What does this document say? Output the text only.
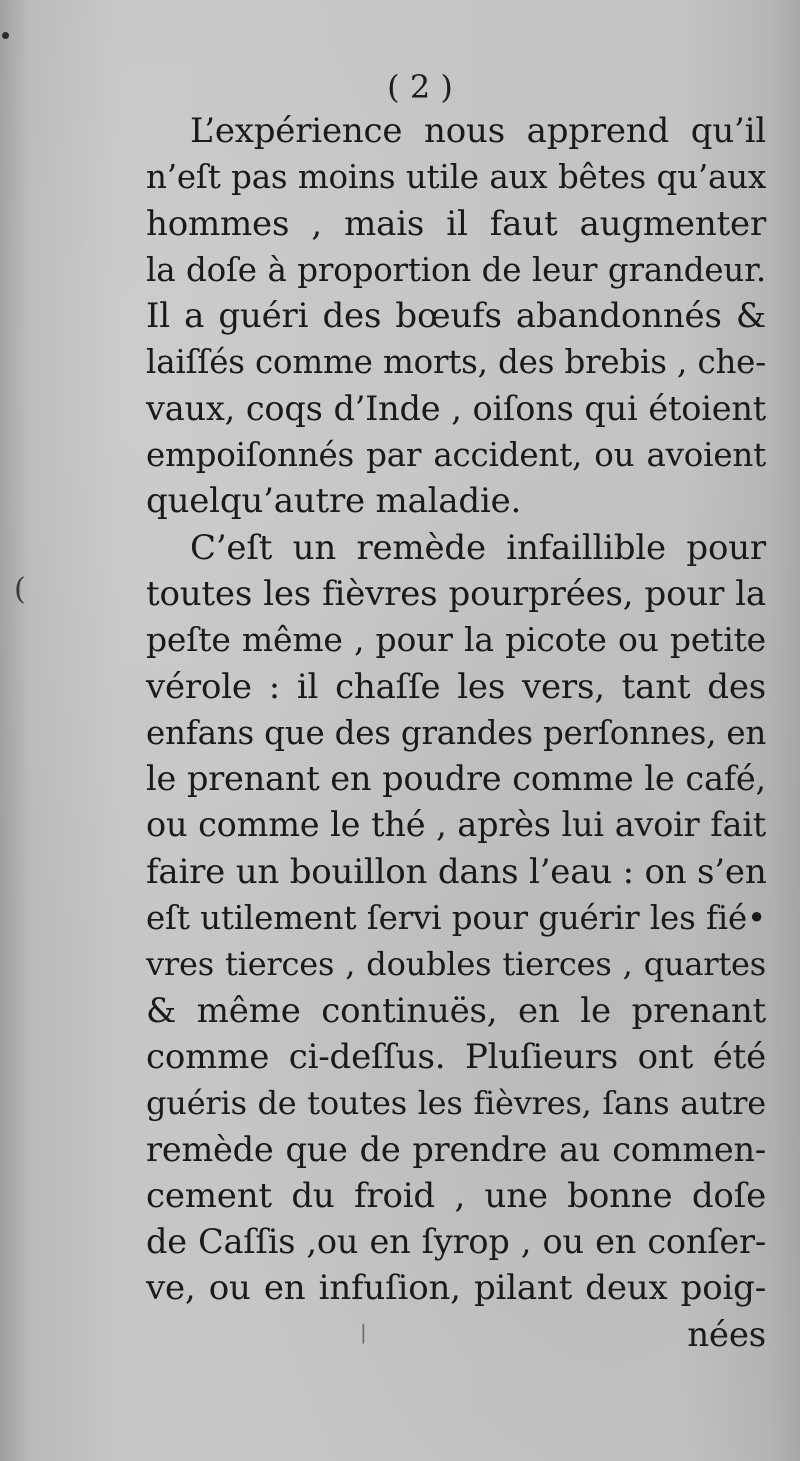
(
|
( 2 )
L’expérience nous apprend qu’il
n’eſt pas moins utile aux bêtes qu’aux
hommes , mais il faut augmenter
la doſe à proportion de leur grandeur.
Il a guéri des bœufs abandonnés &
laiſſés comme morts, des brebis , che-
vaux, coqs d’Inde , oiſons qui étoient
empoiſonnés par accident, ou avoient
quelqu’autre maladie.
C’eſt un remède infaillible pour
toutes les fièvres pourprées, pour la
peſte même , pour la picote ou petite
vérole : il chaſſe les vers, tant des
enfans que des grandes perſonnes, en
le prenant en poudre comme le café,
ou comme le thé , après lui avoir fait
faire un bouillon dans l’eau : on s’en
eſt utilement ſervi pour guérir les fié•
vres tierces , doubles tierces , quartes
& même continuës, en le prenant
comme ci-deſſus. Pluſieurs ont été
guéris de toutes les fièvres, ſans autre
remède que de prendre au commen-
cement du froid , une bonne doſe
de Caſſis ,ou en ſyrop , ou en conſer-
ve, ou en infuſion, pilant deux poig-
nées
